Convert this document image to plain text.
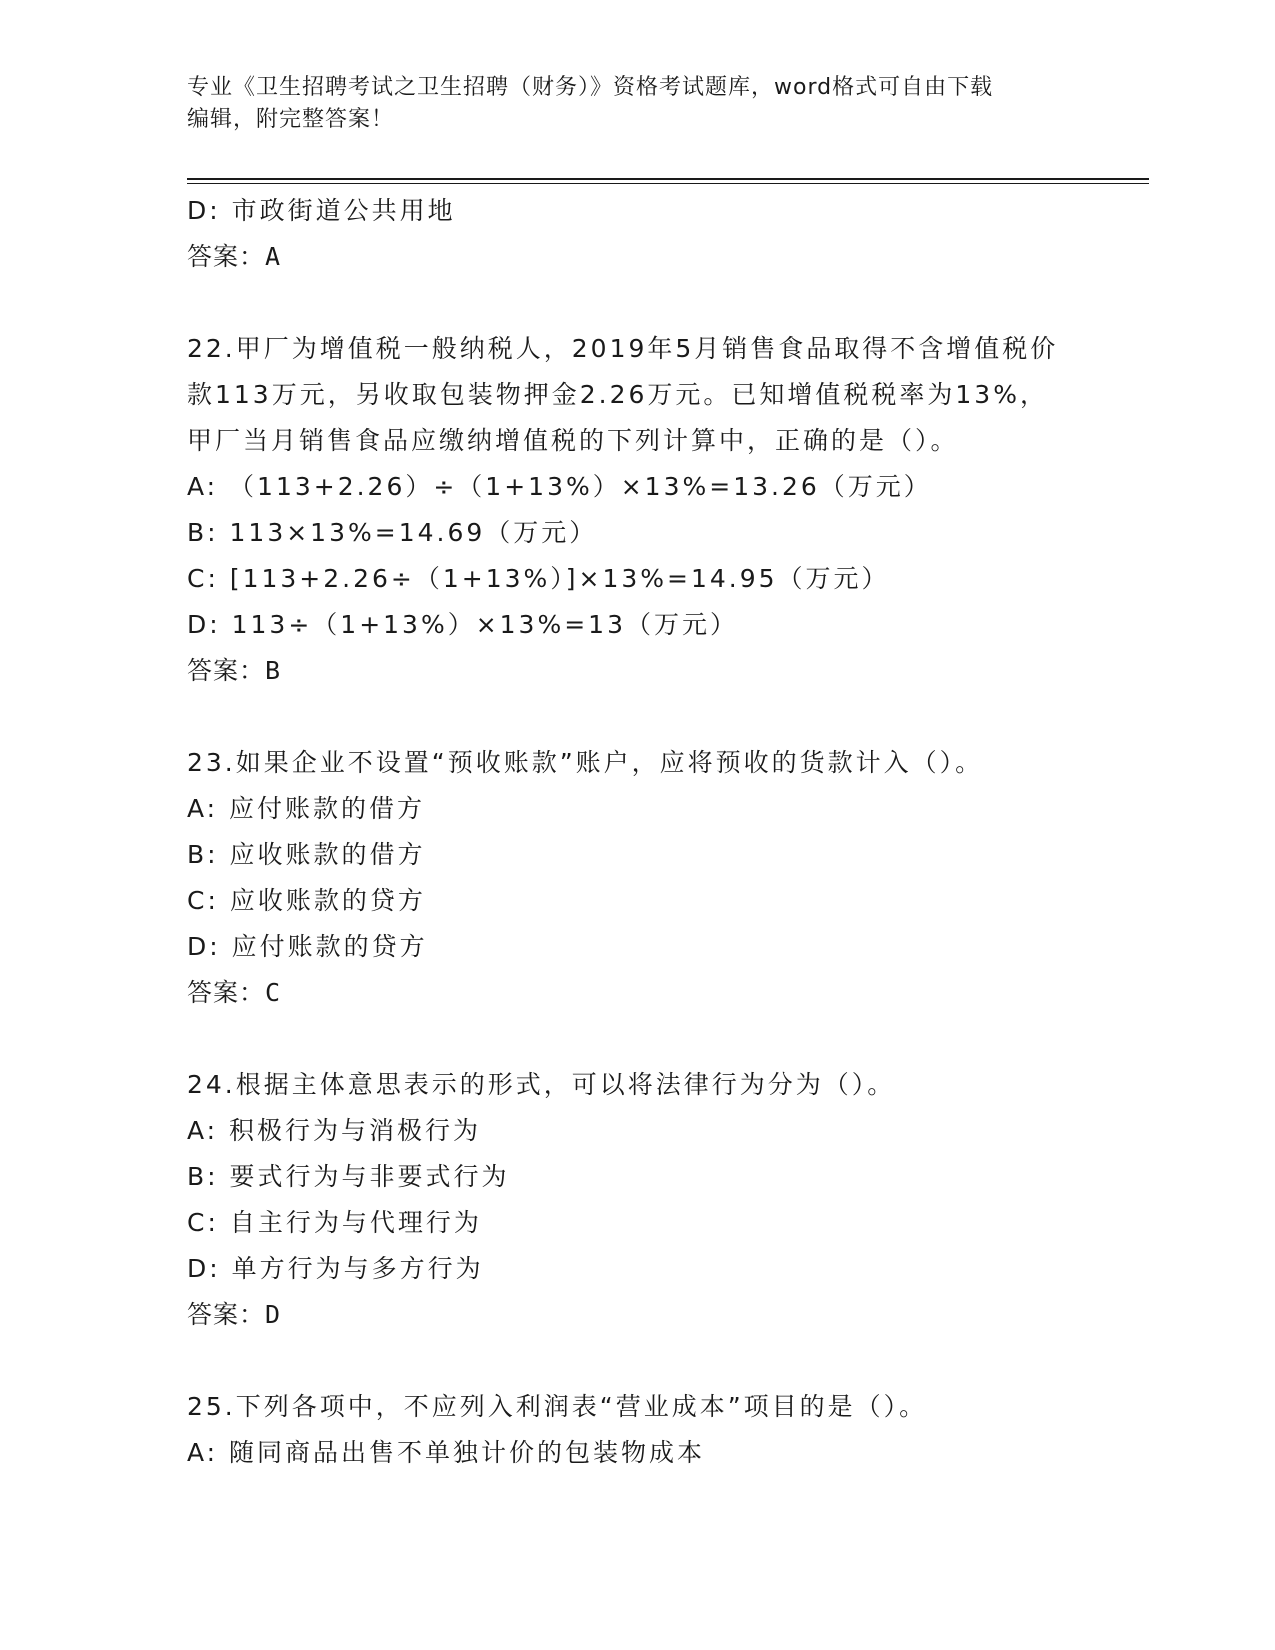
专业《卫生招聘考试之卫生招聘（财务）》资格考试题库，word格式可自由下载
编辑，附完整答案！
D: 市政街道公共用地
答案：A
22.甲厂为增值税一般纳税人，2019年5月销售食品取得不含增值税价
款113万元，另收取包装物押金2.26万元。已知增值税税率为13%，
甲厂当月销售食品应缴纳增值税的下列计算中，正确的是（）。
A: （113+2.26）÷（1+13%）×13%=13.26（万元）
B: 113×13%=14.69（万元）
C: [113+2.26÷（1+13%）]×13%=14.95（万元）
D: 113÷（1+13%）×13%=13（万元）
答案：B
23.如果企业不设置“预收账款”账户，应将预收的货款计入（）。
A: 应付账款的借方
B: 应收账款的借方
C: 应收账款的贷方
D: 应付账款的贷方
答案：C
24.根据主体意思表示的形式，可以将法律行为分为（）。
A: 积极行为与消极行为
B: 要式行为与非要式行为
C: 自主行为与代理行为
D: 单方行为与多方行为
答案：D
25.下列各项中，不应列入利润表“营业成本”项目的是（）。
A: 随同商品出售不单独计价的包装物成本
